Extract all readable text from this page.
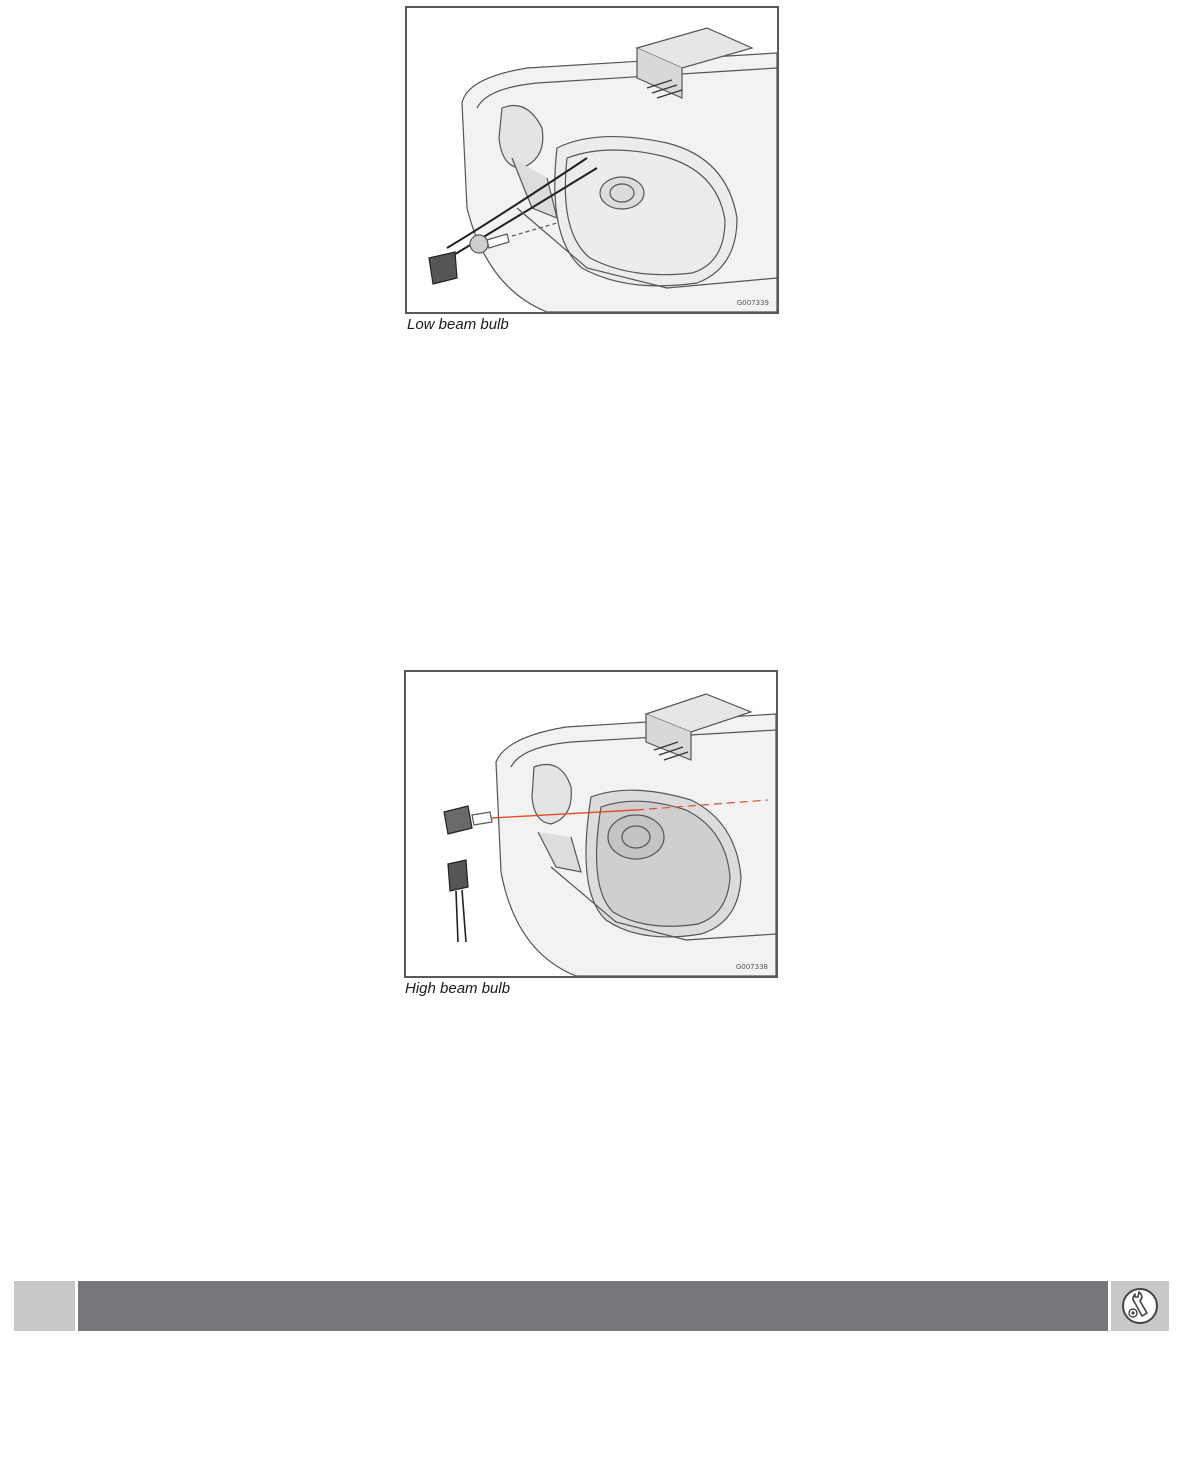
G007339
Low beam bulb
G007338
High beam bulb
